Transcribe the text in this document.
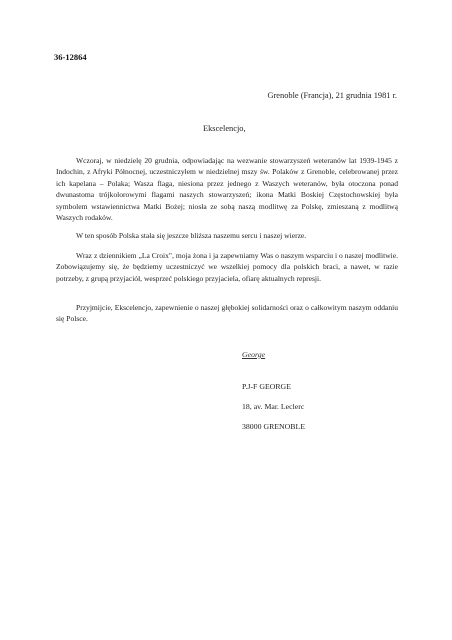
36-12864
Grenoble (Francja), 21 grudnia 1981 r.
Ekscelencjo,

Wczoraj, w niedzielę 20 grudnia, odpowiadając na wezwanie stowarzyszeń weteranów lat 1939-1945 z Indochin, z Afryki Północnej, uczestniczyłem w niedzielnej mszy św. Polaków z Grenoble, celebrowanej przez ich kapelana – Polaka; Wasza flaga, niesiona przez jednego z Waszych weteranów, była otoczona ponad dwunastoma trójkolorowymi flagami naszych stowarzyszeń; ikona Matki Boskiej Częstochowskiej była symbolem wstawiennictwa Matki Bożej; niosła ze sobą naszą modlitwę za Polskę, zmieszaną z modlitwą Waszych rodaków.

W ten sposób Polska stała się jeszcze bliższa naszemu sercu i naszej wierze.

Wraz z dziennikiem „La Croix", moja żona i ja zapewniamy Was o naszym wsparciu i o naszej modlitwie. Zobowiązujemy się, że będziemy uczestniczyć we wszelkiej pomocy dla polskich braci, a nawet, w razie potrzeby, z grupą przyjaciół, wesprzeć polskiego przyjaciela, ofiarę aktualnych represji.

Przyjmijcie, Ekscelencjo, zapewnienie o naszej głębokiej solidarności oraz o całkowitym naszym oddaniu się Polsce.

George
P.J-F GEORGE
18, av. Mar. Leclerc
38000 GRENOBLE
